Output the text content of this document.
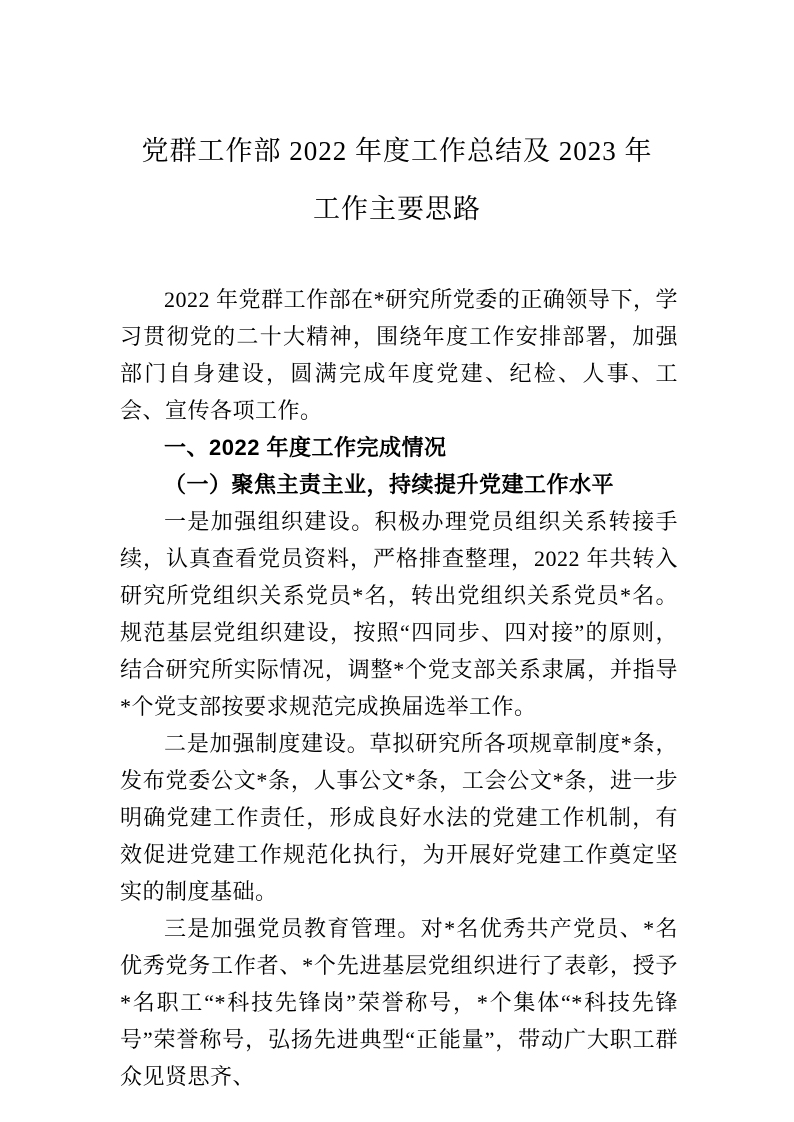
党群工作部 2022 年度工作总结及 2023 年
工作主要思路

2022 年党群工作部在*研究所党委的正确领导下，学习贯彻党的二十大精神，围绕年度工作安排部署，加强部门自身建设，圆满完成年度党建、纪检、人事、工会、宣传各项工作。

一、2022 年度工作完成情况

（一）聚焦主责主业，持续提升党建工作水平

一是加强组织建设。积极办理党员组织关系转接手续，认真查看党员资料，严格排查整理，2022 年共转入研究所党组织关系党员*名，转出党组织关系党员*名。规范基层党组织建设，按照“四同步、四对接”的原则，结合研究所实际情况，调整*个党支部关系隶属，并指导*个党支部按要求规范完成换届选举工作。

二是加强制度建设。草拟研究所各项规章制度*条，发布党委公文*条，人事公文*条，工会公文*条，进一步明确党建工作责任，形成良好水法的党建工作机制，有效促进党建工作规范化执行，为开展好党建工作奠定坚实的制度基础。

三是加强党员教育管理。对*名优秀共产党员、*名优秀党务工作者、*个先进基层党组织进行了表彰，授予*名职工“*科技先锋岗”荣誉称号，*个集体“*科技先锋号”荣誉称号，弘扬先进典型“正能量”，带动广大职工群众见贤思齐、
